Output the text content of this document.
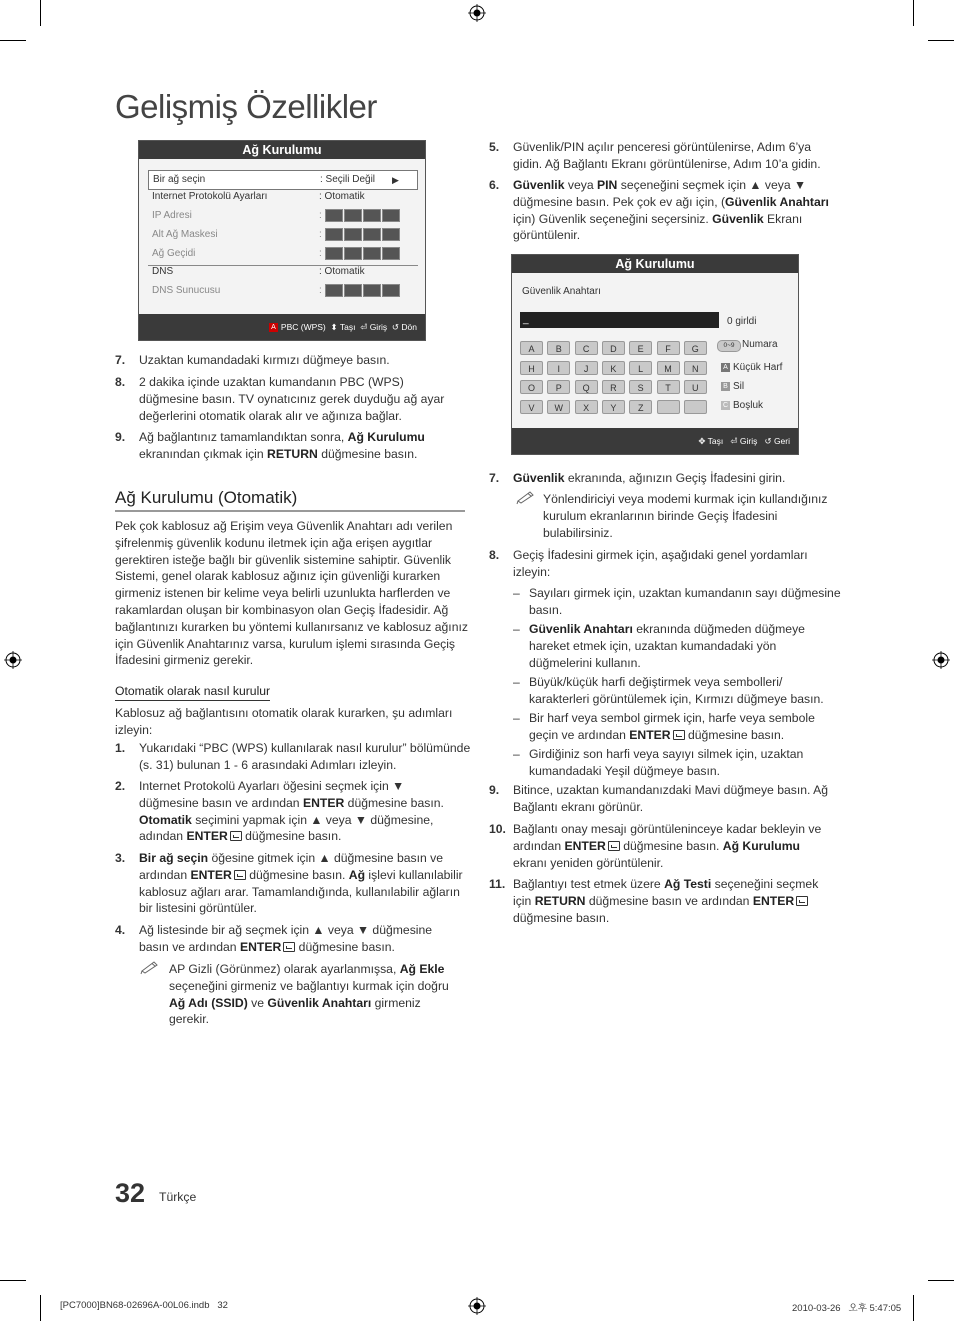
Gelişmiş Özellikler
Ağ Kurulumu
Bir ağ seçin	: Seçili Değil ▶
Internet Protokolü Ayarları	: Otomatik
IP Adresi	:
Alt Ağ Maskesi	:
Ağ Geçidi	:
DNS	: Otomatik
DNS Sunucusu	:
A PBC (WPS) ⬍ Taşı ⏎ Giriş ↺ Dön
7. Uzaktan kumandadaki kırmızı düğmeye basın.
8. 2 dakika içinde uzaktan kumandanın PBC (WPS)
düğmesine basın. TV oynatıcınız gerek duyduğu ağ ayar
değerlerini otomatik olarak alır ve ağınıza bağlar.
9. Ağ bağlantınız tamamlandıktan sonra, Ağ Kurulumu
ekranından çıkmak için RETURN düğmesine basın.
Ağ Kurulumu (Otomatik)
Pek çok kablosuz ağ Erişim veya Güvenlik Anahtarı adı verilen
şifrelenmiş güvenlik kodunu iletmek için ağa erişen aygıtlar
gerektiren isteğe bağlı bir güvenlik sistemine sahiptir. Güvenlik
Sistemi, genel olarak kablosuz ağınız için güvenliği kurarken
girmeniz istenen bir kelime veya belirli uzunlukta harflerden ve
rakamlardan oluşan bir kombinasyon olan Geçiş İfadesidir. Ağ
bağlantınızı kurarken bu yöntemi kullanırsanız ve kablosuz ağınız
için Güvenlik Anahtarınız varsa, kurulum işlemi sırasında Geçiş
İfadesini girmeniz gerekir.
Otomatik olarak nasıl kurulur
Kablosuz ağ bağlantısını otomatik olarak kurarken, şu adımları
izleyin:
1. Yukarıdaki “PBC (WPS) kullanılarak nasıl kurulur” bölümünde
(s. 31) bulunan 1 - 6 arasındaki Adımları izleyin.
2. Internet Protokolü Ayarları öğesini seçmek için ▼
düğmesine basın ve ardından ENTER düğmesine basın.
Otomatik seçimini yapmak için ▲ veya ▼ düğmesine,
adından ENTER düğmesine basın.
3. Bir ağ seçin öğesine gitmek için ▲ düğmesine basın ve
ardından ENTER düğmesine basın. Ağ işlevi kullanılabilir
kablosuz ağları arar. Tamamlandığında, kullanılabilir ağların
bir listesini görüntüler.
4. Ağ listesinde bir ağ seçmek için ▲ veya ▼ düğmesine
basın ve ardından ENTER düğmesine basın.
AP Gizli (Görünmez) olarak ayarlanmışsa, Ağ Ekle
seçeneğini girmeniz ve bağlantıyı kurmak için doğru
Ağ Adı (SSID) ve Güvenlik Anahtarı girmeniz
gerekir.
5. Güvenlik/PIN açılır penceresi görüntülenirse, Adım 6’ya
gidin. Ağ Bağlantı Ekranı görüntülenirse, Adım 10’a gidin.
6. Güvenlik veya PIN seçeneğini seçmek için ▲ veya ▼
düğmesine basın. Pek çok ev ağı için, (Güvenlik Anahtarı
için) Güvenlik seçeneğini seçersiniz. Güvenlik Ekranı
görüntülenir.
Ağ Kurulumu
Güvenlik Anahtarı
_	0 girldi
A	B	C	D	E	F	G
H	I	J	K	L	M	N
O	P	Q	R	S	T	U
V	W	X	Y	Z
0~9 Numara
A Küçük Harf
B Sil
C Boşluk
✥ Taşı ⏎ Giriş ↺ Geri
7. Güvenlik ekranında, ağınızın Geçiş İfadesini girin.
Yönlendiriciyi veya modemi kurmak için kullandığınız
kurulum ekranlarının birinde Geçiş İfadesini
bulabilirsiniz.
8. Geçiş İfadesini girmek için, aşağıdaki genel yordamları
izleyin:
– Sayıları girmek için, uzaktan kumandanın sayı düğmesine
basın.
– Güvenlik Anahtarı ekranında düğmeden düğmeye
hareket etmek için, uzaktan kumandadaki yön
düğmelerini kullanın.
– Büyük/küçük harfi değiştirmek veya sembolleri/
karakterleri görüntülemek için, Kırmızı düğmeye basın.
– Bir harf veya sembol girmek için, harfe veya sembole
geçin ve ardından ENTER düğmesine basın.
– Girdiğiniz son harfi veya sayıyı silmek için, uzaktan
kumandadaki Yeşil düğmeye basın.
9. Bitince, uzaktan kumandanızdaki Mavi düğmeye basın. Ağ
Bağlantı ekranı görünür.
10. Bağlantı onay mesajı görüntüleninceye kadar bekleyin ve
ardından ENTER düğmesine basın. Ağ Kurulumu
ekranı yeniden görüntülenir.
11. Bağlantıyı test etmek üzere Ağ Testi seçeneğini seçmek
için RETURN düğmesine basın ve ardından ENTER
düğmesine basın.
32 Türkçe
[PC7000]BN68-02696A-00L06.indb   32	2010-03-26   오후 5:47:05
